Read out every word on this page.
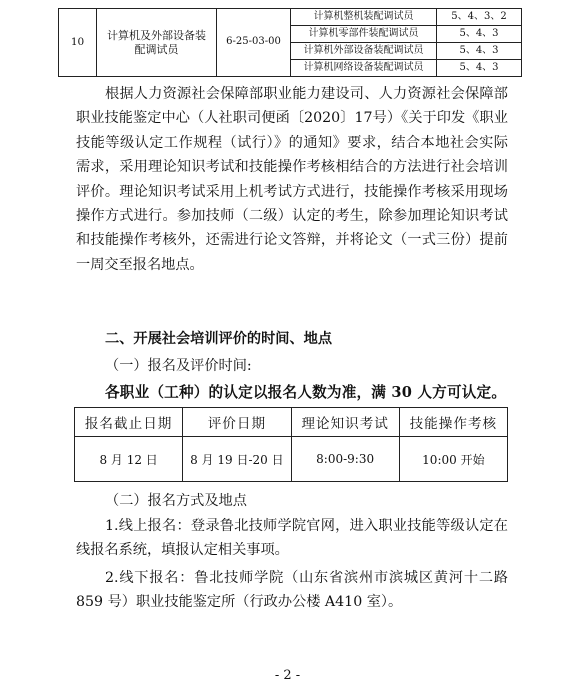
10	计算机及外部设备装配调试员	6-25-03-00	计算机整机装配调试员	5、4、3、2
			计算机零部件装配调试员	5、4、3
			计算机外部设备装配调试员	5、4、3
			计算机网络设备装配调试员	5、4、3

根据人力资源社会保障部职业能力建设司、人力资源社会保障部职业技能鉴定中心（人社职司便函〔2020〕17号）《关于印发《职业技能等级认定工作规程（试行）》的通知》要求，结合本地社会实际需求，采用理论知识考试和技能操作考核相结合的方法进行社会培训评价。理论知识考试采用上机考试方式进行，技能操作考核采用现场操作方式进行。参加技师（二级）认定的考生，除参加理论知识考试和技能操作考核外，还需进行论文答辩，并将论文（一式三份）提前一周交至报名地点。

二、开展社会培训评价的时间、地点
（一）报名及评价时间:
各职业（工种）的认定以报名人数为准，满 30 人方可认定。
报名截止日期	评价日期	理论知识考试	技能操作考核
8 月 12 日	8 月 19 日-20 日	8:00-9:30	10:00 开始
（二）报名方式及地点

1.线上报名：登录鲁北技师学院官网，进入职业技能等级认定在线报名系统，填报认定相关事项。

2.线下报名：鲁北技师学院（山东省滨州市滨城区黄河十二路 859 号）职业技能鉴定所（行政办公楼 A410 室）。

- 2 -
